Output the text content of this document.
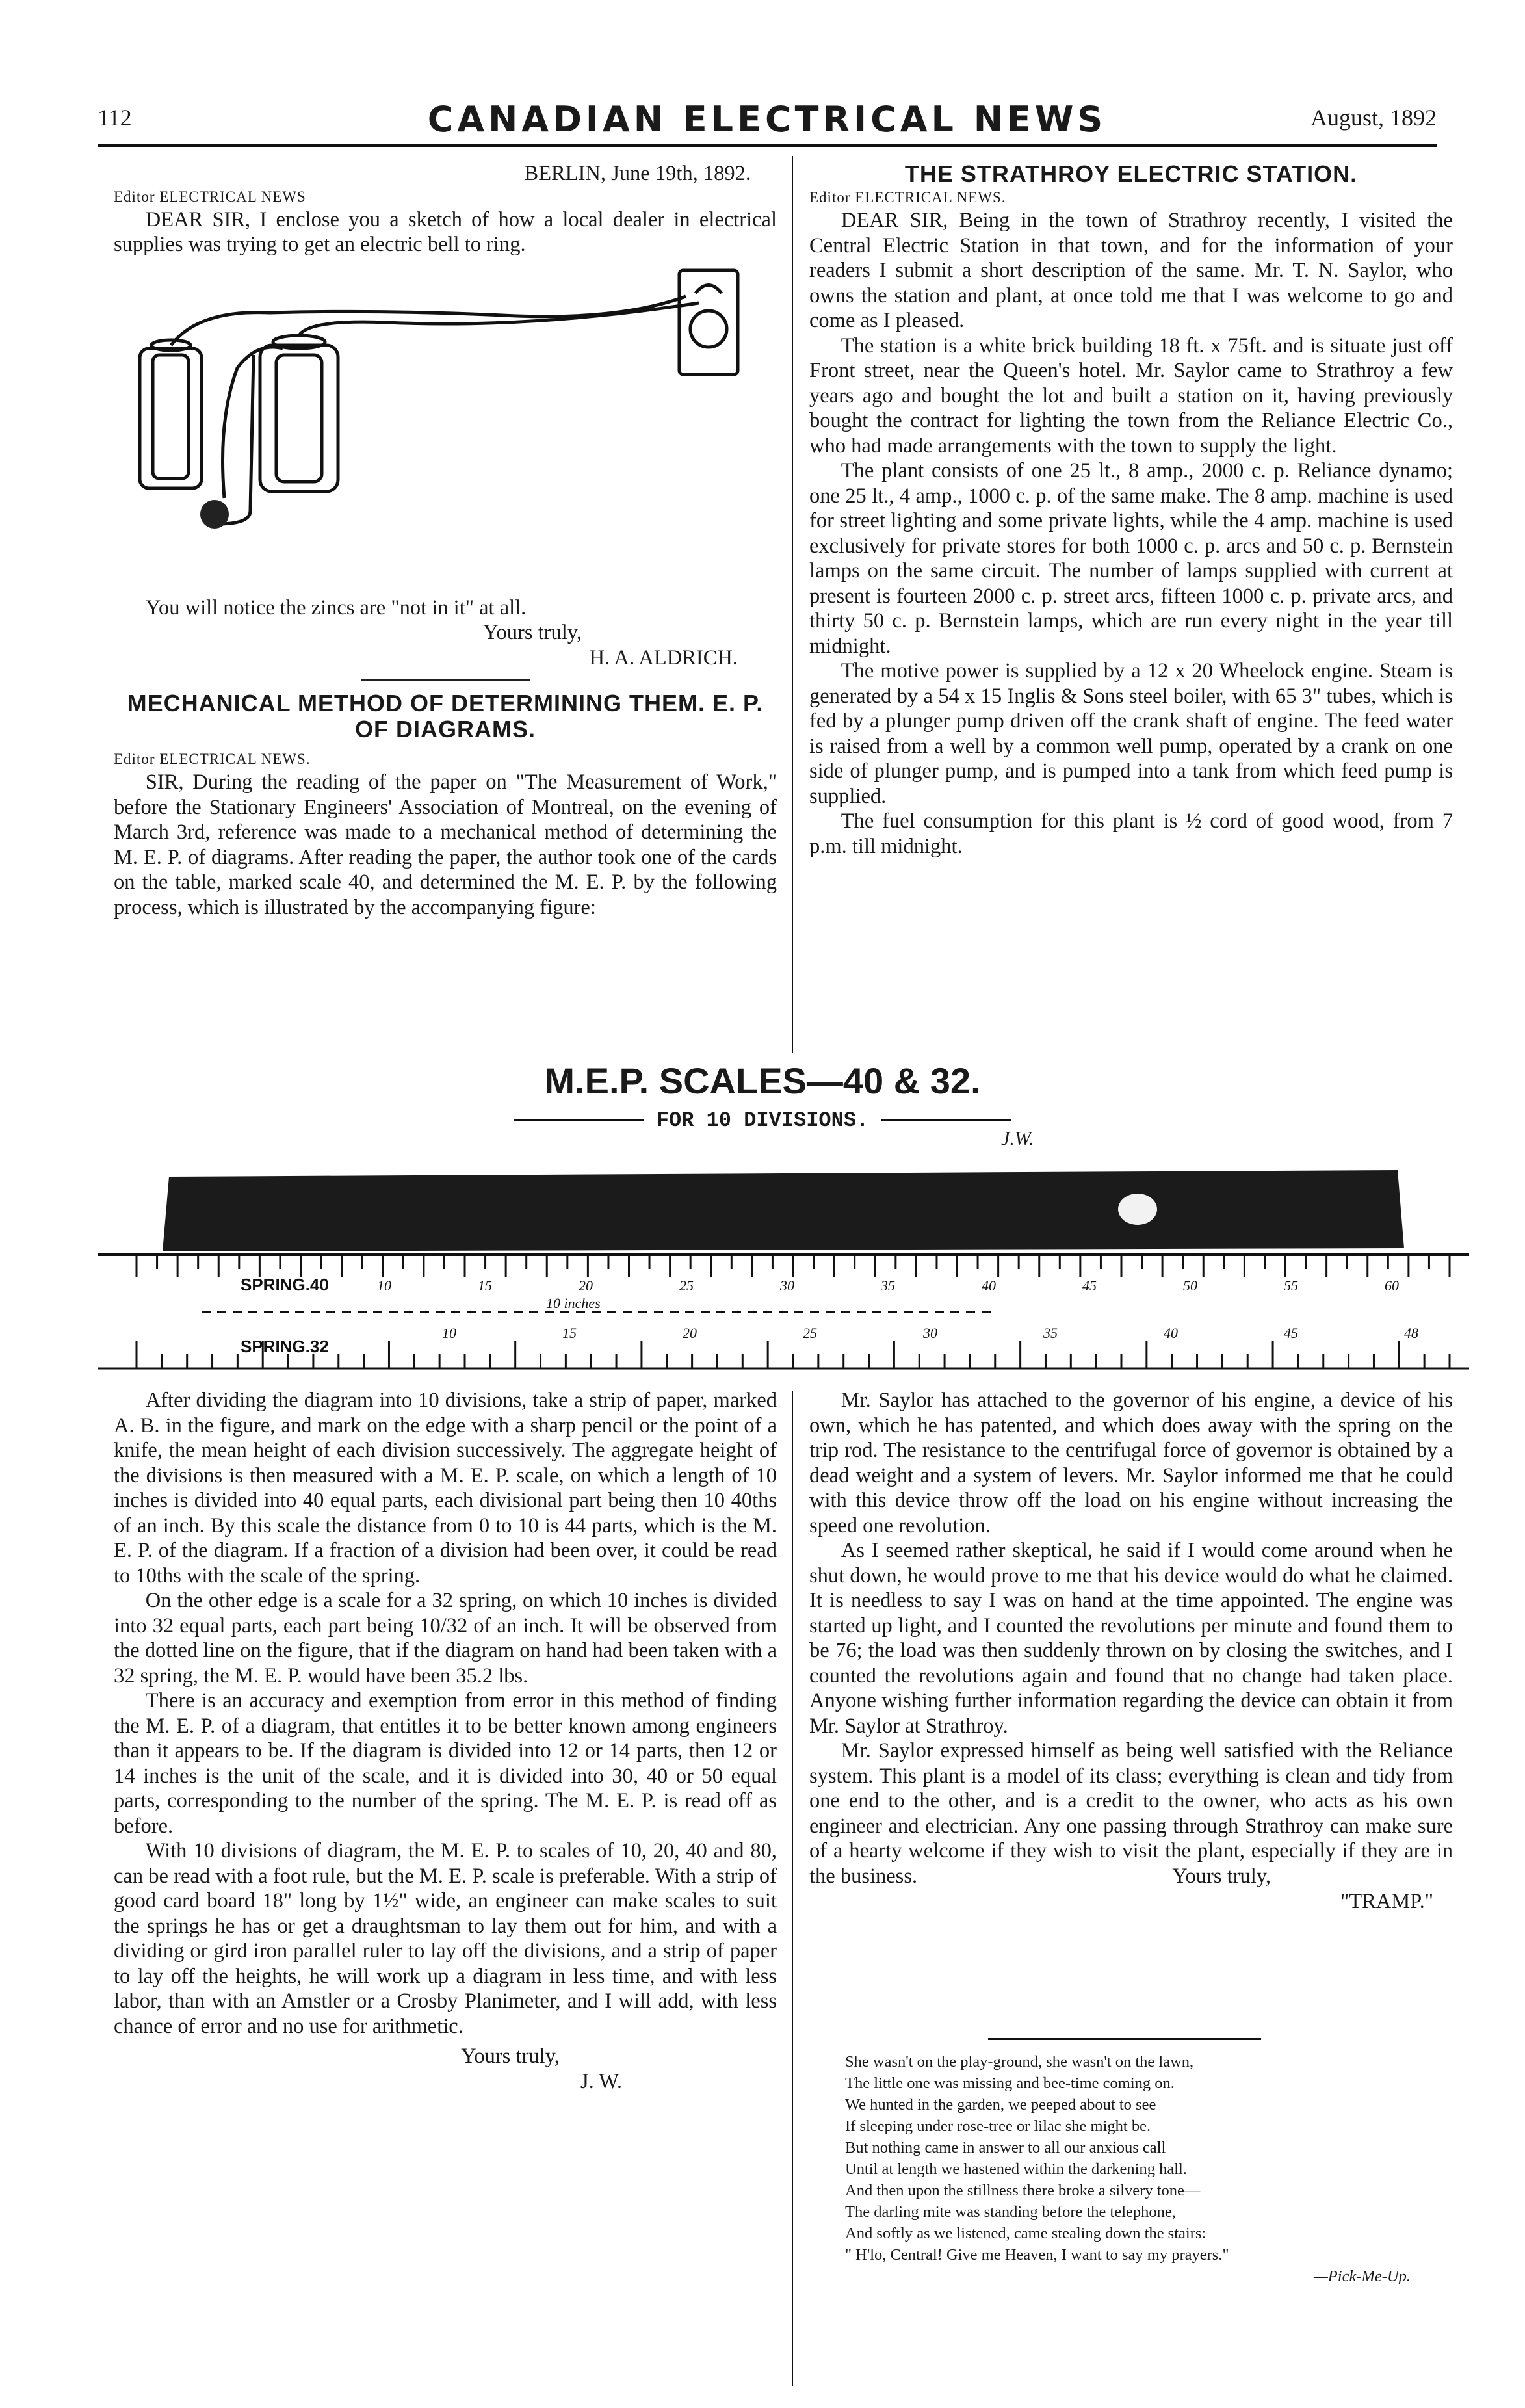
112	CANADIAN ELECTRICAL NEWS	August, 1892
BERLIN, June 19th, 1892.
Editor ELECTRICAL NEWS

DEAR SIR, I enclose you a sketch of how a local dealer in electrical supplies was trying to get an electric bell to ring.

You will notice the zincs are "not in it" at all.

Yours truly,
H. A. ALDRICH.
MECHANICAL METHOD OF DETERMINING THEM. E. P. OF DIAGRAMS.
Editor ELECTRICAL NEWS.

SIR, During the reading of the paper on "The Measurement of Work," before the Stationary Engineers' Association of Montreal, on the evening of March 3rd, reference was made to a mechanical method of determining the M. E. P. of diagrams. After reading the paper, the author took one of the cards on the table, marked scale 40, and determined the M. E. P. by the following process, which is illustrated by the accompanying figure:

THE STRATHROY ELECTRIC STATION.
Editor ELECTRICAL NEWS.

DEAR SIR, Being in the town of Strathroy recently, I visited the Central Electric Station in that town, and for the information of your readers I submit a short description of the same. Mr. T. N. Saylor, who owns the station and plant, at once told me that I was welcome to go and come as I pleased.

The station is a white brick building 18 ft. x 75ft. and is situate just off Front street, near the Queen's hotel. Mr. Saylor came to Strathroy a few years ago and bought the lot and built a station on it, having previously bought the contract for lighting the town from the Reliance Electric Co., who had made arrangements with the town to supply the light.

The plant consists of one 25 lt., 8 amp., 2000 c. p. Reliance dynamo; one 25 lt., 4 amp., 1000 c. p. of the same make. The 8 amp. machine is used for street lighting and some private lights, while the 4 amp. machine is used exclusively for private stores for both 1000 c. p. arcs and 50 c. p. Bernstein lamps on the same circuit. The number of lamps supplied with current at present is fourteen 2000 c. p. street arcs, fifteen 1000 c. p. private arcs, and thirty 50 c. p. Bernstein lamps, which are run every night in the year till midnight.

The motive power is supplied by a 12 x 20 Wheelock engine. Steam is generated by a 54 x 15 Inglis & Sons steel boiler, with 65 3" tubes, which is fed by a plunger pump driven off the crank shaft of engine. The feed water is raised from a well by a common well pump, operated by a crank on one side of plunger pump, and is pumped into a tank from which feed pump is supplied.

The fuel consumption for this plant is ½ cord of good wood, from 7 p.m. till midnight.

M.E.P. SCALES—40 & 32.
FOR 10 DIVISIONS.
J.W.
SPRING.40
SPRING.32
10 inches
10	15	20	25	30	35	40	45	50	55	60
10	15	20	25	30	35	40	45	48

After dividing the diagram into 10 divisions, take a strip of paper, marked A. B. in the figure, and mark on the edge with a sharp pencil or the point of a knife, the mean height of each division successively. The aggregate height of the divisions is then measured with a M. E. P. scale, on which a length of 10 inches is divided into 40 equal parts, each divisional part being then 10 40ths of an inch. By this scale the distance from 0 to 10 is 44 parts, which is the M. E. P. of the diagram. If a fraction of a division had been over, it could be read to 10ths with the scale of the spring.

On the other edge is a scale for a 32 spring, on which 10 inches is divided into 32 equal parts, each part being 10/32 of an inch. It will be observed from the dotted line on the figure, that if the diagram on hand had been taken with a 32 spring, the M. E. P. would have been 35.2 lbs.

There is an accuracy and exemption from error in this method of finding the M. E. P. of a diagram, that entitles it to be better known among engineers than it appears to be. If the diagram is divided into 12 or 14 parts, then 12 or 14 inches is the unit of the scale, and it is divided into 30, 40 or 50 equal parts, corresponding to the number of the spring. The M. E. P. is read off as before.

With 10 divisions of diagram, the M. E. P. to scales of 10, 20, 40 and 80, can be read with a foot rule, but the M. E. P. scale is preferable. With a strip of good card board 18" long by 1½" wide, an engineer can make scales to suit the springs he has or get a draughtsman to lay them out for him, and with a dividing or gird iron parallel ruler to lay off the divisions, and a strip of paper to lay off the heights, he will work up a diagram in less time, and with less labor, than with an Amstler or a Crosby Planimeter, and I will add, with less chance of error and no use for arithmetic.

Yours truly,
J. W.

Mr. Saylor has attached to the governor of his engine, a device of his own, which he has patented, and which does away with the spring on the trip rod. The resistance to the centrifugal force of governor is obtained by a dead weight and a system of levers. Mr. Saylor informed me that he could with this device throw off the load on his engine without increasing the speed one revolution.

As I seemed rather skeptical, he said if I would come around when he shut down, he would prove to me that his device would do what he claimed. It is needless to say I was on hand at the time appointed. The engine was started up light, and I counted the revolutions per minute and found them to be 76; the load was then suddenly thrown on by closing the switches, and I counted the revolutions again and found that no change had taken place. Anyone wishing further information regarding the device can obtain it from Mr. Saylor at Strathroy.

Mr. Saylor expressed himself as being well satisfied with the Reliance system. This plant is a model of its class; everything is clean and tidy from one end to the other, and is a credit to the owner, who acts as his own engineer and electrician. Any one passing through Strathroy can make sure of a hearty welcome if they wish to visit the plant, especially if they are in the business.	Yours truly,
"TRAMP."
She wasn't on the play-ground, she wasn't on the lawn,
The little one was missing and bee-time coming on.
We hunted in the garden, we peeped about to see
If sleeping under rose-tree or lilac she might be.
But nothing came in answer to all our anxious call
Until at length we hastened within the darkening hall.
And then upon the stillness there broke a silvery tone—
The darling mite was standing before the telephone,
And softly as we listened, came stealing down the stairs:
" H'lo, Central! Give me Heaven, I want to say my prayers."
—Pick-Me-Up.
